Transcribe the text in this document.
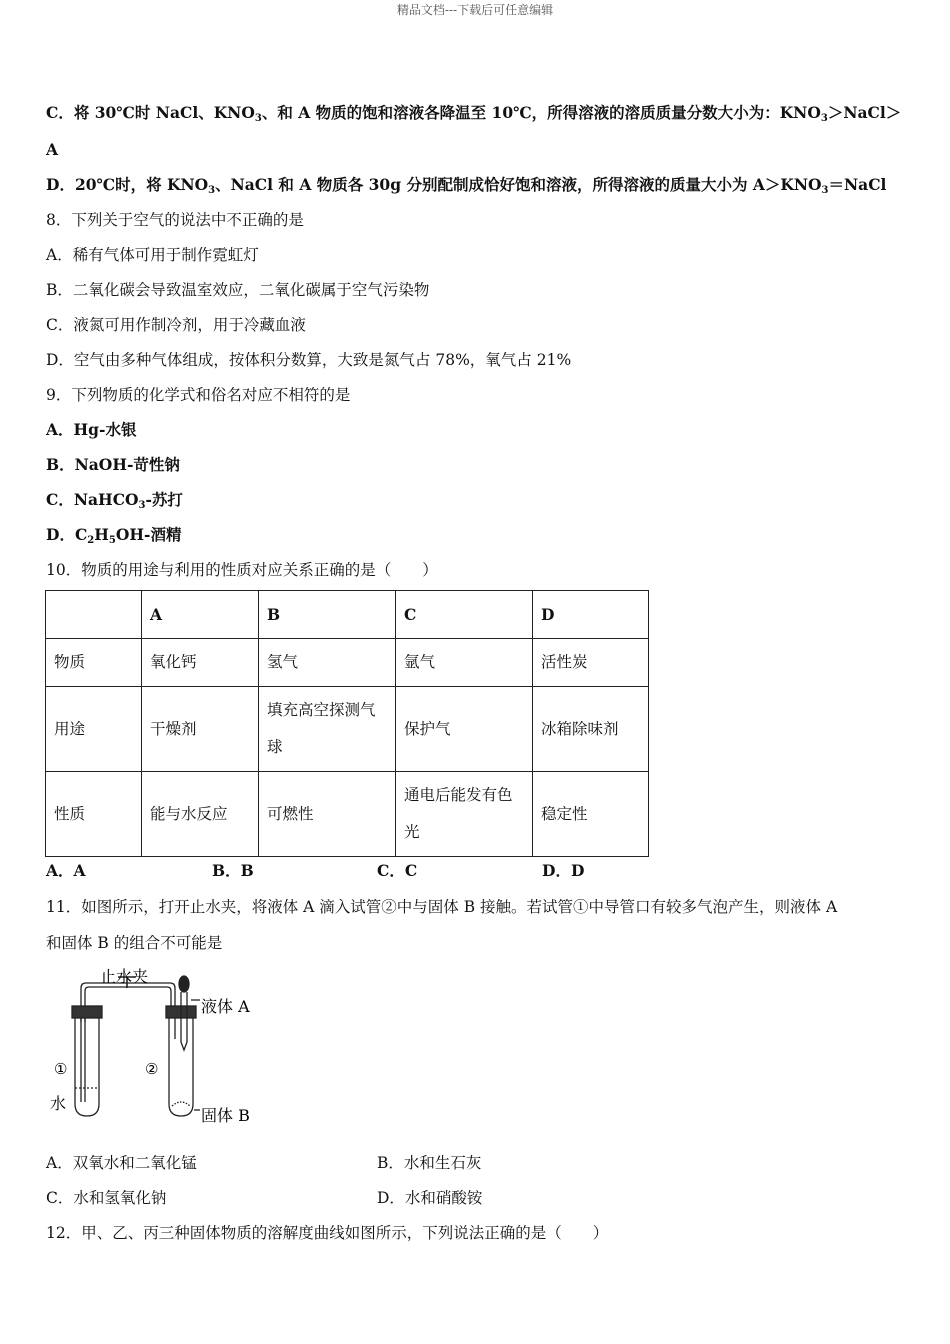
精品文档---下载后可任意编辑
C．将 30℃时 NaCl、$KNO_3$、和 A 物质的饱和溶液各降温至 10℃，所得溶液的溶质质量分数大小为：$KNO_3>NaCl>$
A
D．20℃时，将 $KNO_3$、NaCl 和 A 物质各 30g 分别配制成恰好饱和溶液，所得溶液的质量大小为 $A>KNO_3=NaCl$
8．下列关于空气的说法中不正确的是
A．稀有气体可用于制作霓虹灯
B．二氧化碳会导致温室效应，二氧化碳属于空气污染物
C．液氮可用作制冷剂，用于冷藏血液
D．空气由多种气体组成，按体积分数算，大致是氮气占 78%，氧气占 21%
9．下列物质的化学式和俗名对应不相符的是
A．Hg-水银
B．NaOH-苛性钠
C．NaHCO$_3$-苏打
D．$C_2H_5OH-$酒精
10．物质的用途与利用的性质对应关系正确的是（　　）
	A	B	C	D
物质	氧化钙	氢气	氩气	活性炭
用途	干燥剂	填充高空探测气球	保护气	冰箱除味剂
性质	能与水反应	可燃性	通电后能发有色光	稳定性
A．A	B．B	C．C	D．D
11．如图所示，打开止水夹，将液体 A 滴入试管②中与固体 B 接触。若试管①中导管口有较多气泡产生，则液体 A
和固体 B 的组合不可能是
止水夹
液体 A
①	②
水
固体 B
A．双氧水和二氧化锰	B．水和生石灰
C．水和氢氧化钠	D．水和硝酸铵
12．甲、乙、丙三种固体物质的溶解度曲线如图所示，下列说法正确的是（　　）
